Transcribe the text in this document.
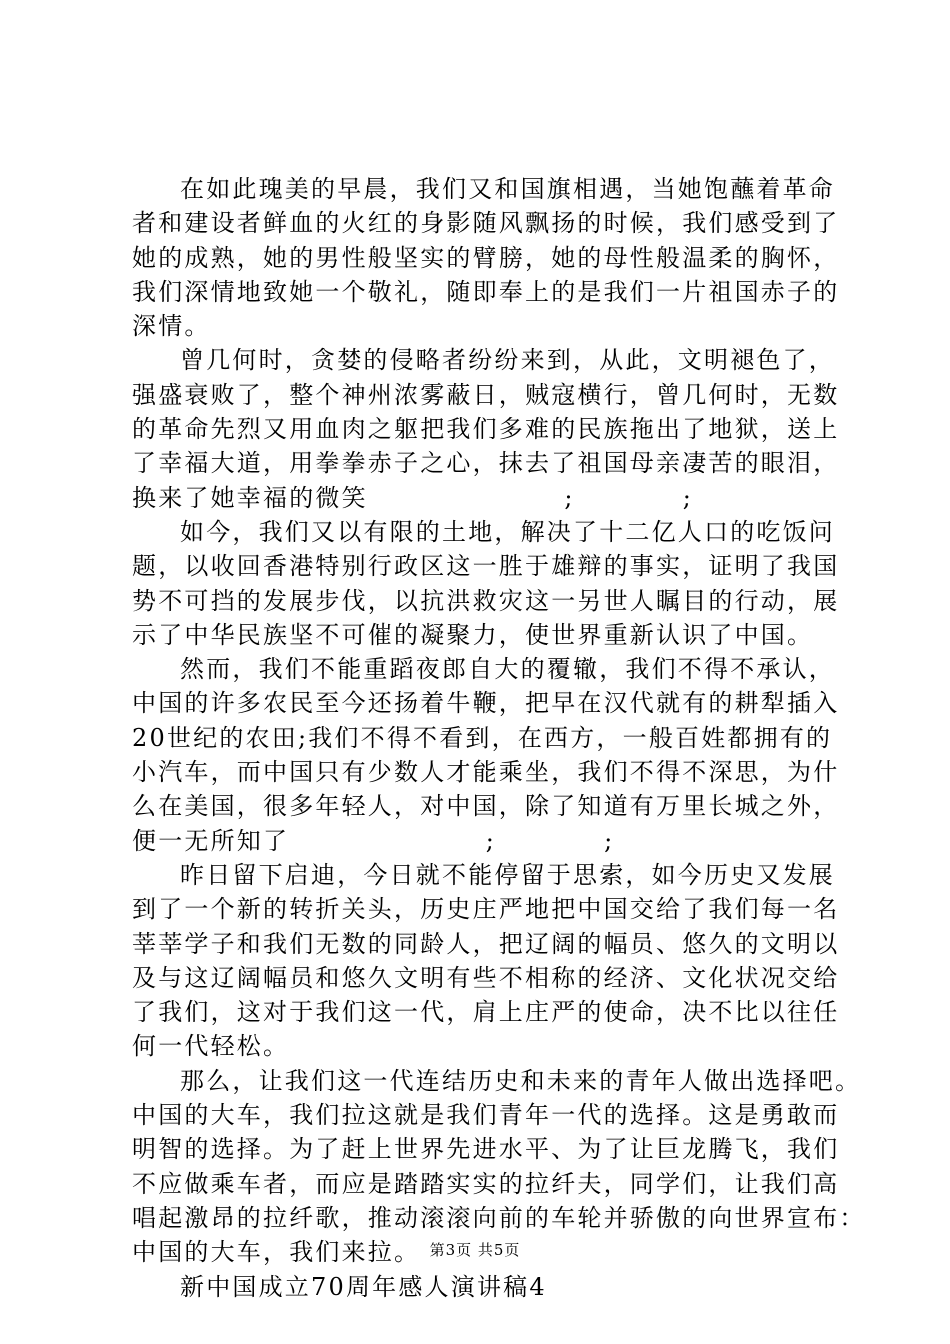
在如此瑰美的早晨，我们又和国旗相遇，当她饱蘸着革命
者和建设者鲜血的火红的身影随风飘扬的时候，我们感受到了
她的成熟，她的男性般坚实的臂膀，她的母性般温柔的胸怀，
我们深情地致她一个敬礼，随即奉上的是我们一片祖国赤子的
深情。
曾几何时，贪婪的侵略者纷纷来到，从此，文明褪色了，
强盛衰败了，整个神州浓雾蔽日，贼寇横行，曾几何时，无数
的革命先烈又用血肉之躯把我们多难的民族拖出了地狱，送上
了幸福大道，用拳拳赤子之心，抹去了祖国母亲凄苦的眼泪，
换来了她幸福的微笑                    ;           ;
如今，我们又以有限的土地，解决了十二亿人口的吃饭问
题，以收回香港特别行政区这一胜于雄辩的事实，证明了我国
势不可挡的发展步伐，以抗洪救灾这一另世人瞩目的行动，展
示了中华民族坚不可催的凝聚力，使世界重新认识了中国。
然而，我们不能重蹈夜郎自大的覆辙，我们不得不承认，
中国的许多农民至今还扬着牛鞭，把早在汉代就有的耕犁插入
20世纪的农田;我们不得不看到，在西方，一般百姓都拥有的
小汽车，而中国只有少数人才能乘坐，我们不得不深思，为什
么在美国，很多年轻人，对中国，除了知道有万里长城之外，
便一无所知了                    ;           ;
昨日留下启迪，今日就不能停留于思索，如今历史又发展
到了一个新的转折关头，历史庄严地把中国交给了我们每一名
莘莘学子和我们无数的同龄人，把辽阔的幅员、悠久的文明以
及与这辽阔幅员和悠久文明有些不相称的经济、文化状况交给
了我们，这对于我们这一代，肩上庄严的使命，决不比以往任
何一代轻松。
那么，让我们这一代连结历史和未来的青年人做出选择吧。
中国的大车，我们拉这就是我们青年一代的选择。这是勇敢而
明智的选择。为了赶上世界先进水平、为了让巨龙腾飞，我们
不应做乘车者，而应是踏踏实实的拉纤夫，同学们，让我们高
唱起激昂的拉纤歌，推动滚滚向前的车轮并骄傲的向世界宣布：
中国的大车，我们来拉。
新中国成立70周年感人演讲稿4
第3页 共5页
